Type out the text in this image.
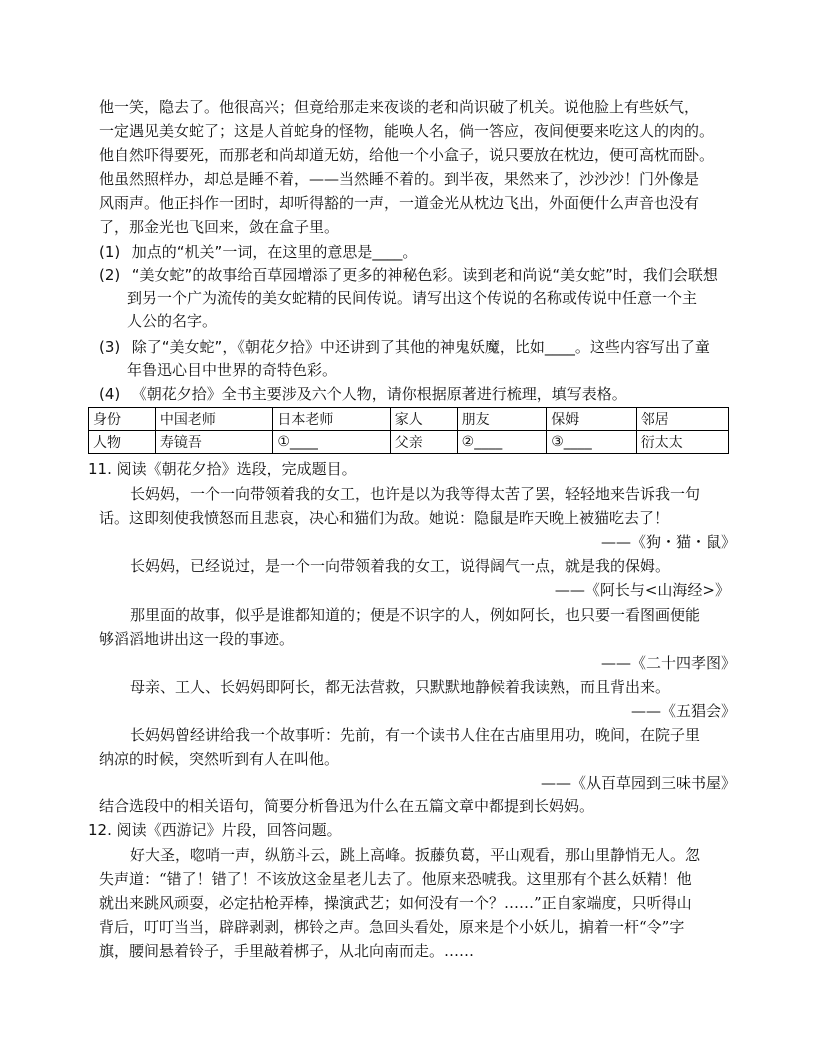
他一笑，隐去了。他很高兴；但竟给那走来夜谈的老和尚识破了机关。说他脸上有些妖气，
一定遇见美女蛇了；这是人首蛇身的怪物，能唤人名，倘一答应，夜间便要来吃这人的肉的。
他自然吓得要死，而那老和尚却道无妨，给他一个小盒子，说只要放在枕边，便可高枕而卧。
他虽然照样办，却总是睡不着，——当然睡不着的。到半夜，果然来了，沙沙沙！门外像是
风雨声。他正抖作一团时，却听得豁的一声，一道金光从枕边飞出，外面便什么声音也没有
了，那金光也飞回来，敛在盒子里。
(1) 加点的“机关”一词，在这里的意思是____。
(2) “美女蛇”的故事给百草园增添了更多的神秘色彩。读到老和尚说“美女蛇”时，我们会联想
到另一个广为流传的美女蛇精的民间传说。请写出这个传说的名称或传说中任意一个主
人公的名字。
(3) 除了“美女蛇”，《朝花夕拾》中还讲到了其他的神鬼妖魔，比如____。这些内容写出了童
年鲁迅心目中世界的奇特色彩。
(4) 《朝花夕拾》全书主要涉及六个人物，请你根据原著进行梳理，填写表格。
身份	中国老师	日本老师	家人	朋友	保姆	邻居
人物	寿镜吾	①____	父亲	②____	③____	衍太太
11. 阅读《朝花夕拾》选段，完成题目。
长妈妈，一个一向带领着我的女工，也许是以为我等得太苦了罢，轻轻地来告诉我一句
话。这即刻使我愤怒而且悲哀，决心和猫们为敌。她说：隐鼠是昨天晚上被猫吃去了！
——《狗・猫・鼠》
长妈妈，已经说过，是一个一向带领着我的女工，说得阔气一点，就是我的保姆。
——《阿长与<山海经>》
那里面的故事，似乎是谁都知道的；便是不识字的人，例如阿长，也只要一看图画便能
够滔滔地讲出这一段的事迹。
——《二十四孝图》
母亲、工人、长妈妈即阿长，都无法营救，只默默地静候着我读熟，而且背出来。
——《五猖会》
长妈妈曾经讲给我一个故事听：先前，有一个读书人住在古庙里用功，晚间，在院子里
纳凉的时候，突然听到有人在叫他。
——《从百草园到三味书屋》
结合选段中的相关语句，简要分析鲁迅为什么在五篇文章中都提到长妈妈。
12. 阅读《西游记》片段，回答问题。
好大圣，唿哨一声，纵筋斗云，跳上高峰。扳藤负葛，平山观看，那山里静悄无人。忽
失声道：“错了！错了！不该放这金星老儿去了。他原来恐唬我。这里那有个甚么妖精！他
就出来跳风顽耍，必定拈枪弄棒，操演武艺；如何没有一个？……”正自家端度，只听得山
背后，叮叮当当，辟辟剥剥，梆铃之声。急回头看处，原来是个小妖儿，掮着一杆“令”字
旗，腰间悬着铃子，手里敲着梆子，从北向南而走。……
